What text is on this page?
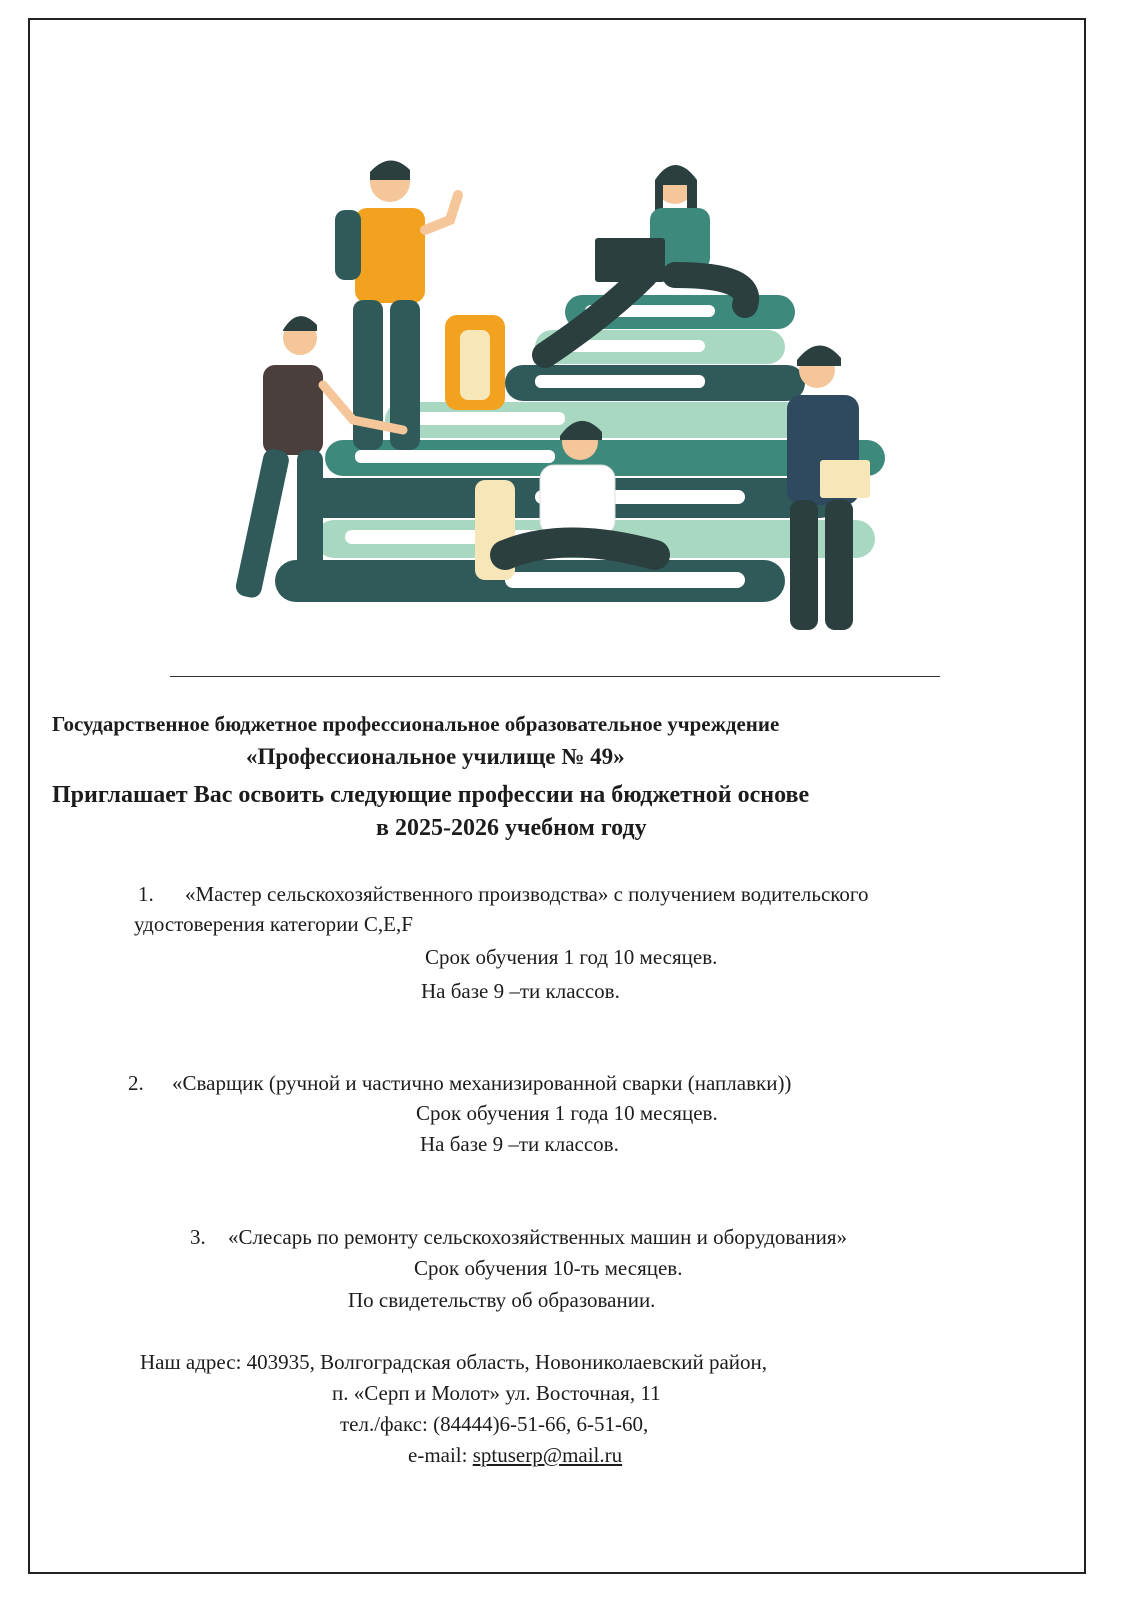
Государственное бюджетное профессиональное образовательное учреждение
«Профессиональное училище № 49»
Приглашает Вас освоить следующие профессии на бюджетной основе
в 2025-2026 учебном году
1. «Мастер сельскохозяйственного производства» с получением водительского
удостоверения категории С,Е,F
Срок обучения 1 год 10 месяцев.
На базе 9 –ти классов.
2. «Сварщик (ручной и частично механизированной сварки (наплавки))
Срок обучения 1 года 10 месяцев.
На базе 9 –ти классов.
3. «Слесарь по ремонту сельскохозяйственных машин и оборудования»
Срок обучения 10-ть месяцев.
По свидетельству об образовании.
Наш адрес: 403935, Волгоградская область, Новониколаевский район,
п. «Серп и Молот» ул. Восточная, 11
тел./факс: (84444)6-51-66, 6-51-60,
e-mail: sptuserp@mail.ru
